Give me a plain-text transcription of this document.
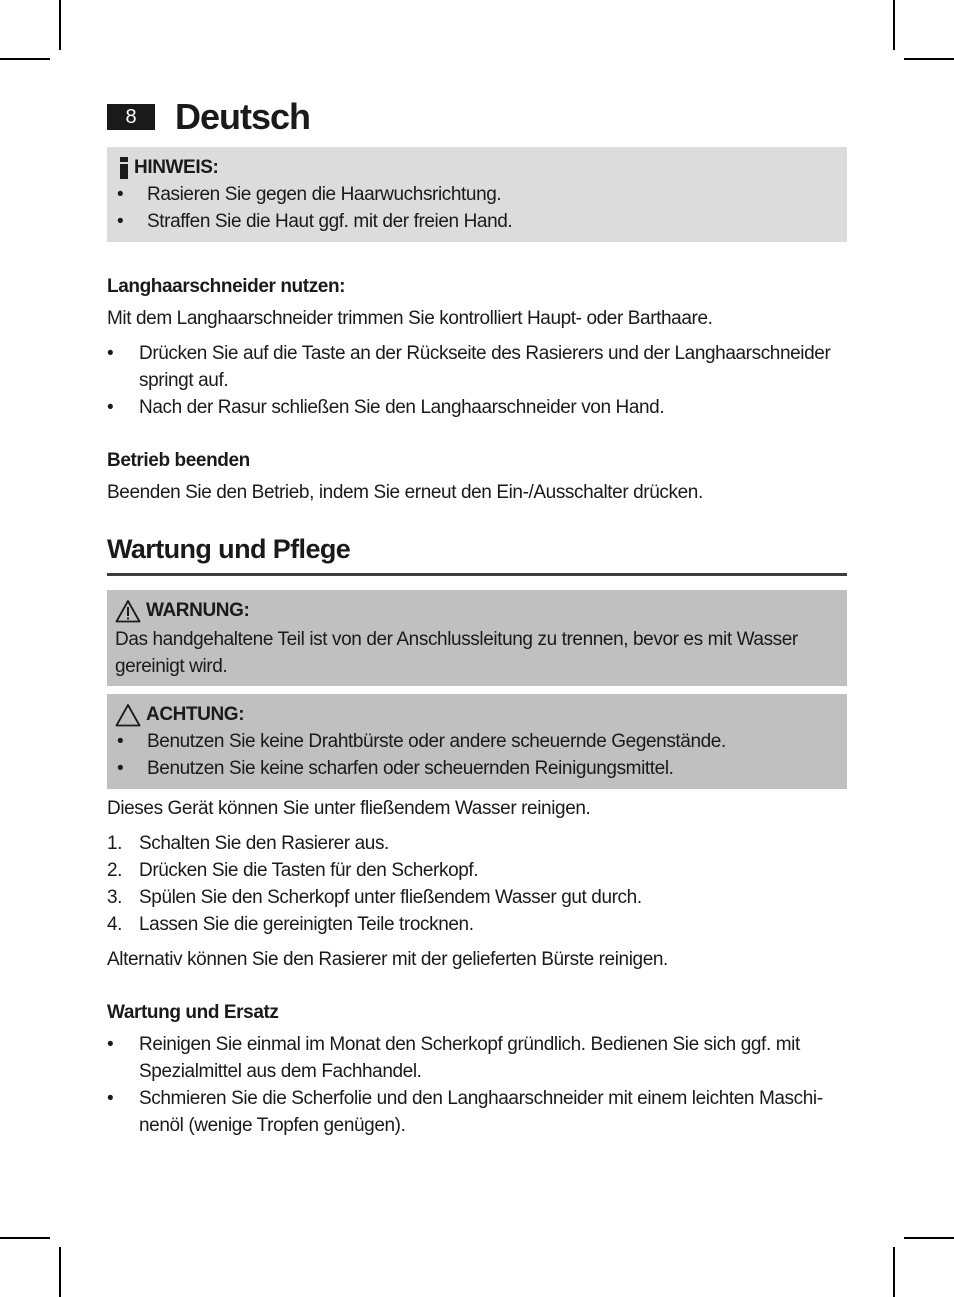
8	Deutsch
HINWEIS:
• Rasieren Sie gegen die Haarwuchsrichtung.
• Straffen Sie die Haut ggf. mit der freien Hand.
Langhaarschneider nutzen:
Mit dem Langhaarschneider trimmen Sie kontrolliert Haupt- oder Barthaare.
• Drücken Sie auf die Taste an der Rückseite des Rasierers und der Langhaarschneider
springt auf.
• Nach der Rasur schließen Sie den Langhaarschneider von Hand.
Betrieb beenden
Beenden Sie den Betrieb, indem Sie erneut den Ein-/Ausschalter drücken.
Wartung und Pflege
WARNUNG:
Das handgehaltene Teil ist von der Anschlussleitung zu trennen, bevor es mit Wasser
gereinigt wird.
ACHTUNG:
• Benutzen Sie keine Drahtbürste oder andere scheuernde Gegenstände.
• Benutzen Sie keine scharfen oder scheuernden Reinigungsmittel.
Dieses Gerät können Sie unter fließendem Wasser reinigen.
1. Schalten Sie den Rasierer aus.
2. Drücken Sie die Tasten für den Scherkopf.
3. Spülen Sie den Scherkopf unter fließendem Wasser gut durch.
4. Lassen Sie die gereinigten Teile trocknen.
Alternativ können Sie den Rasierer mit der gelieferten Bürste reinigen.
Wartung und Ersatz
• Reinigen Sie einmal im Monat den Scherkopf gründlich. Bedienen Sie sich ggf. mit
Spezialmittel aus dem Fachhandel.
• Schmieren Sie die Scherfolie und den Langhaarschneider mit einem leichten Maschi-
nenöl (wenige Tropfen genügen).
